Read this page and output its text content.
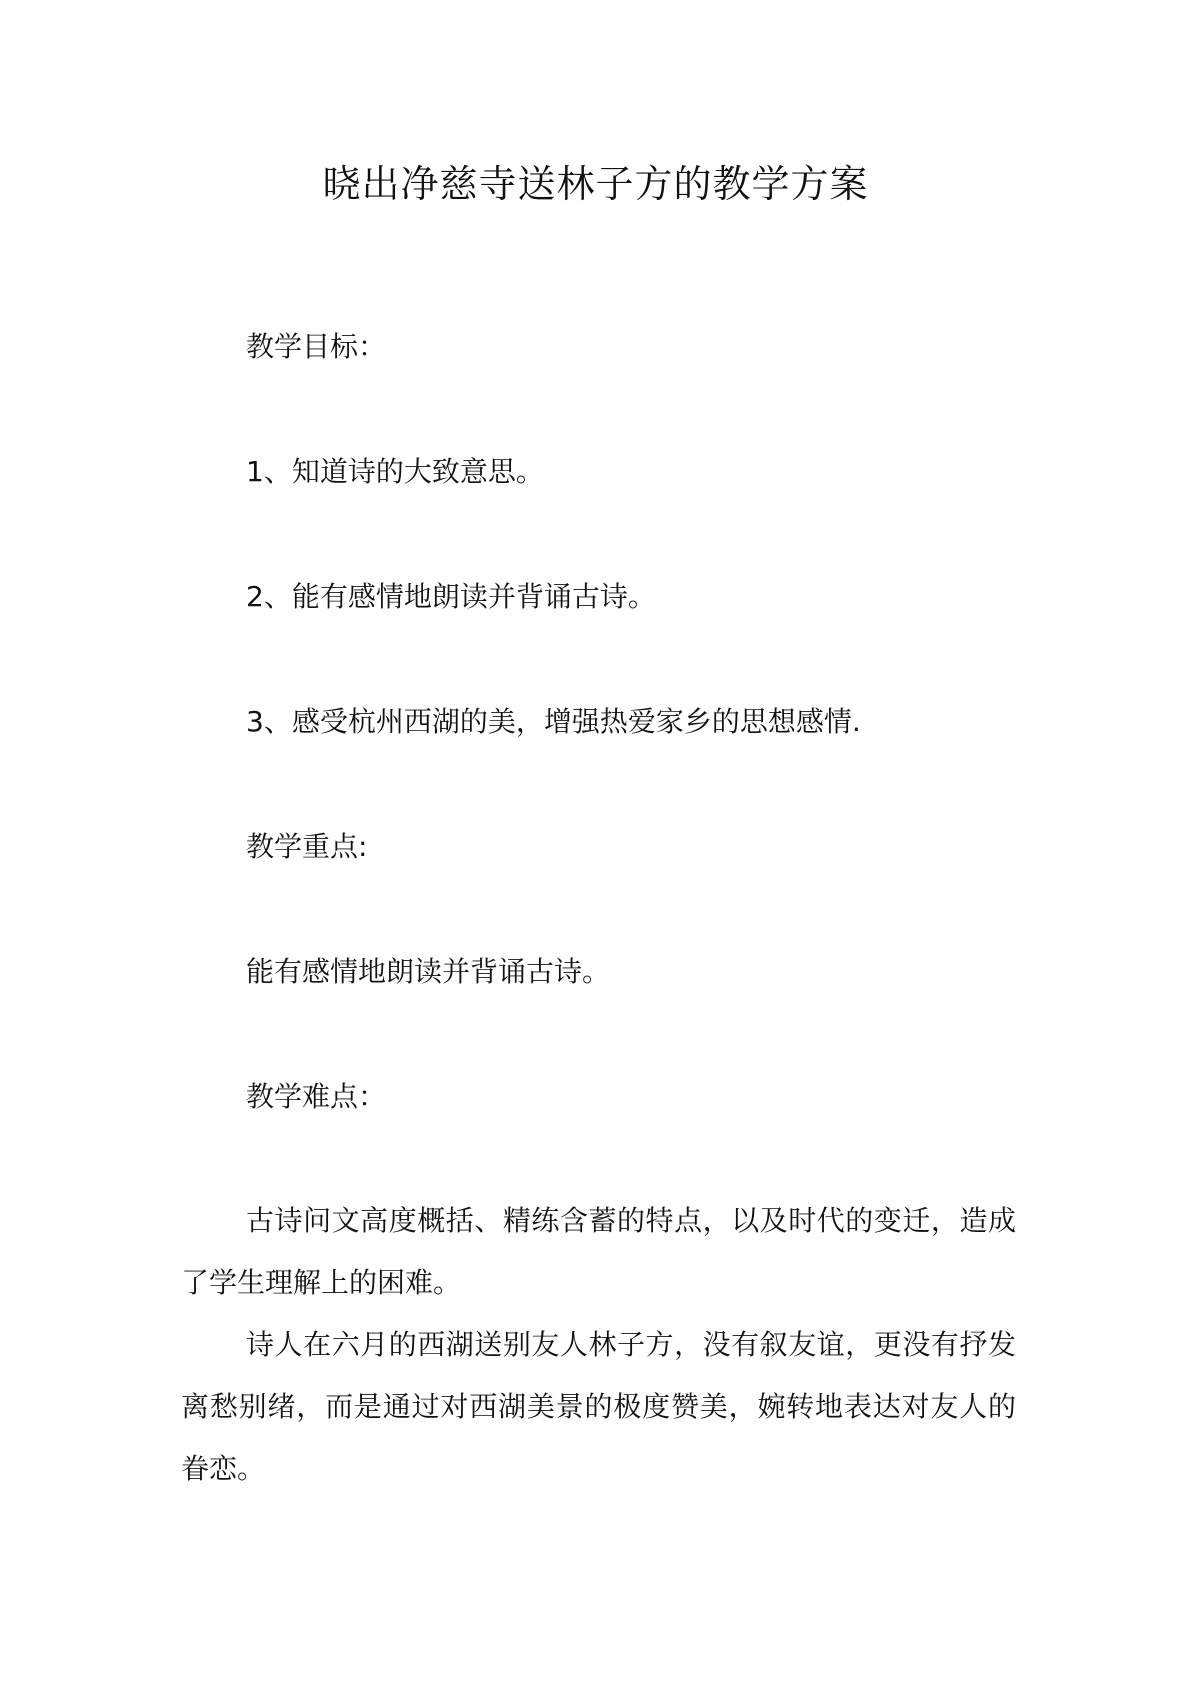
晓出净慈寺送林子方的教学方案
教学目标：
1、知道诗的大致意思。
2、能有感情地朗读并背诵古诗。
3、感受杭州西湖的美，增强热爱家乡的思想感情.
教学重点:
能有感情地朗读并背诵古诗。
教学难点：

古诗问文高度概括、精练含蓄的特点，以及时代的变迁，造成了学生理解上的困难。

诗人在六月的西湖送别友人林子方，没有叙友谊，更没有抒发离愁别绪，而是通过对西湖美景的极度赞美，婉转地表达对友人的眷恋。
